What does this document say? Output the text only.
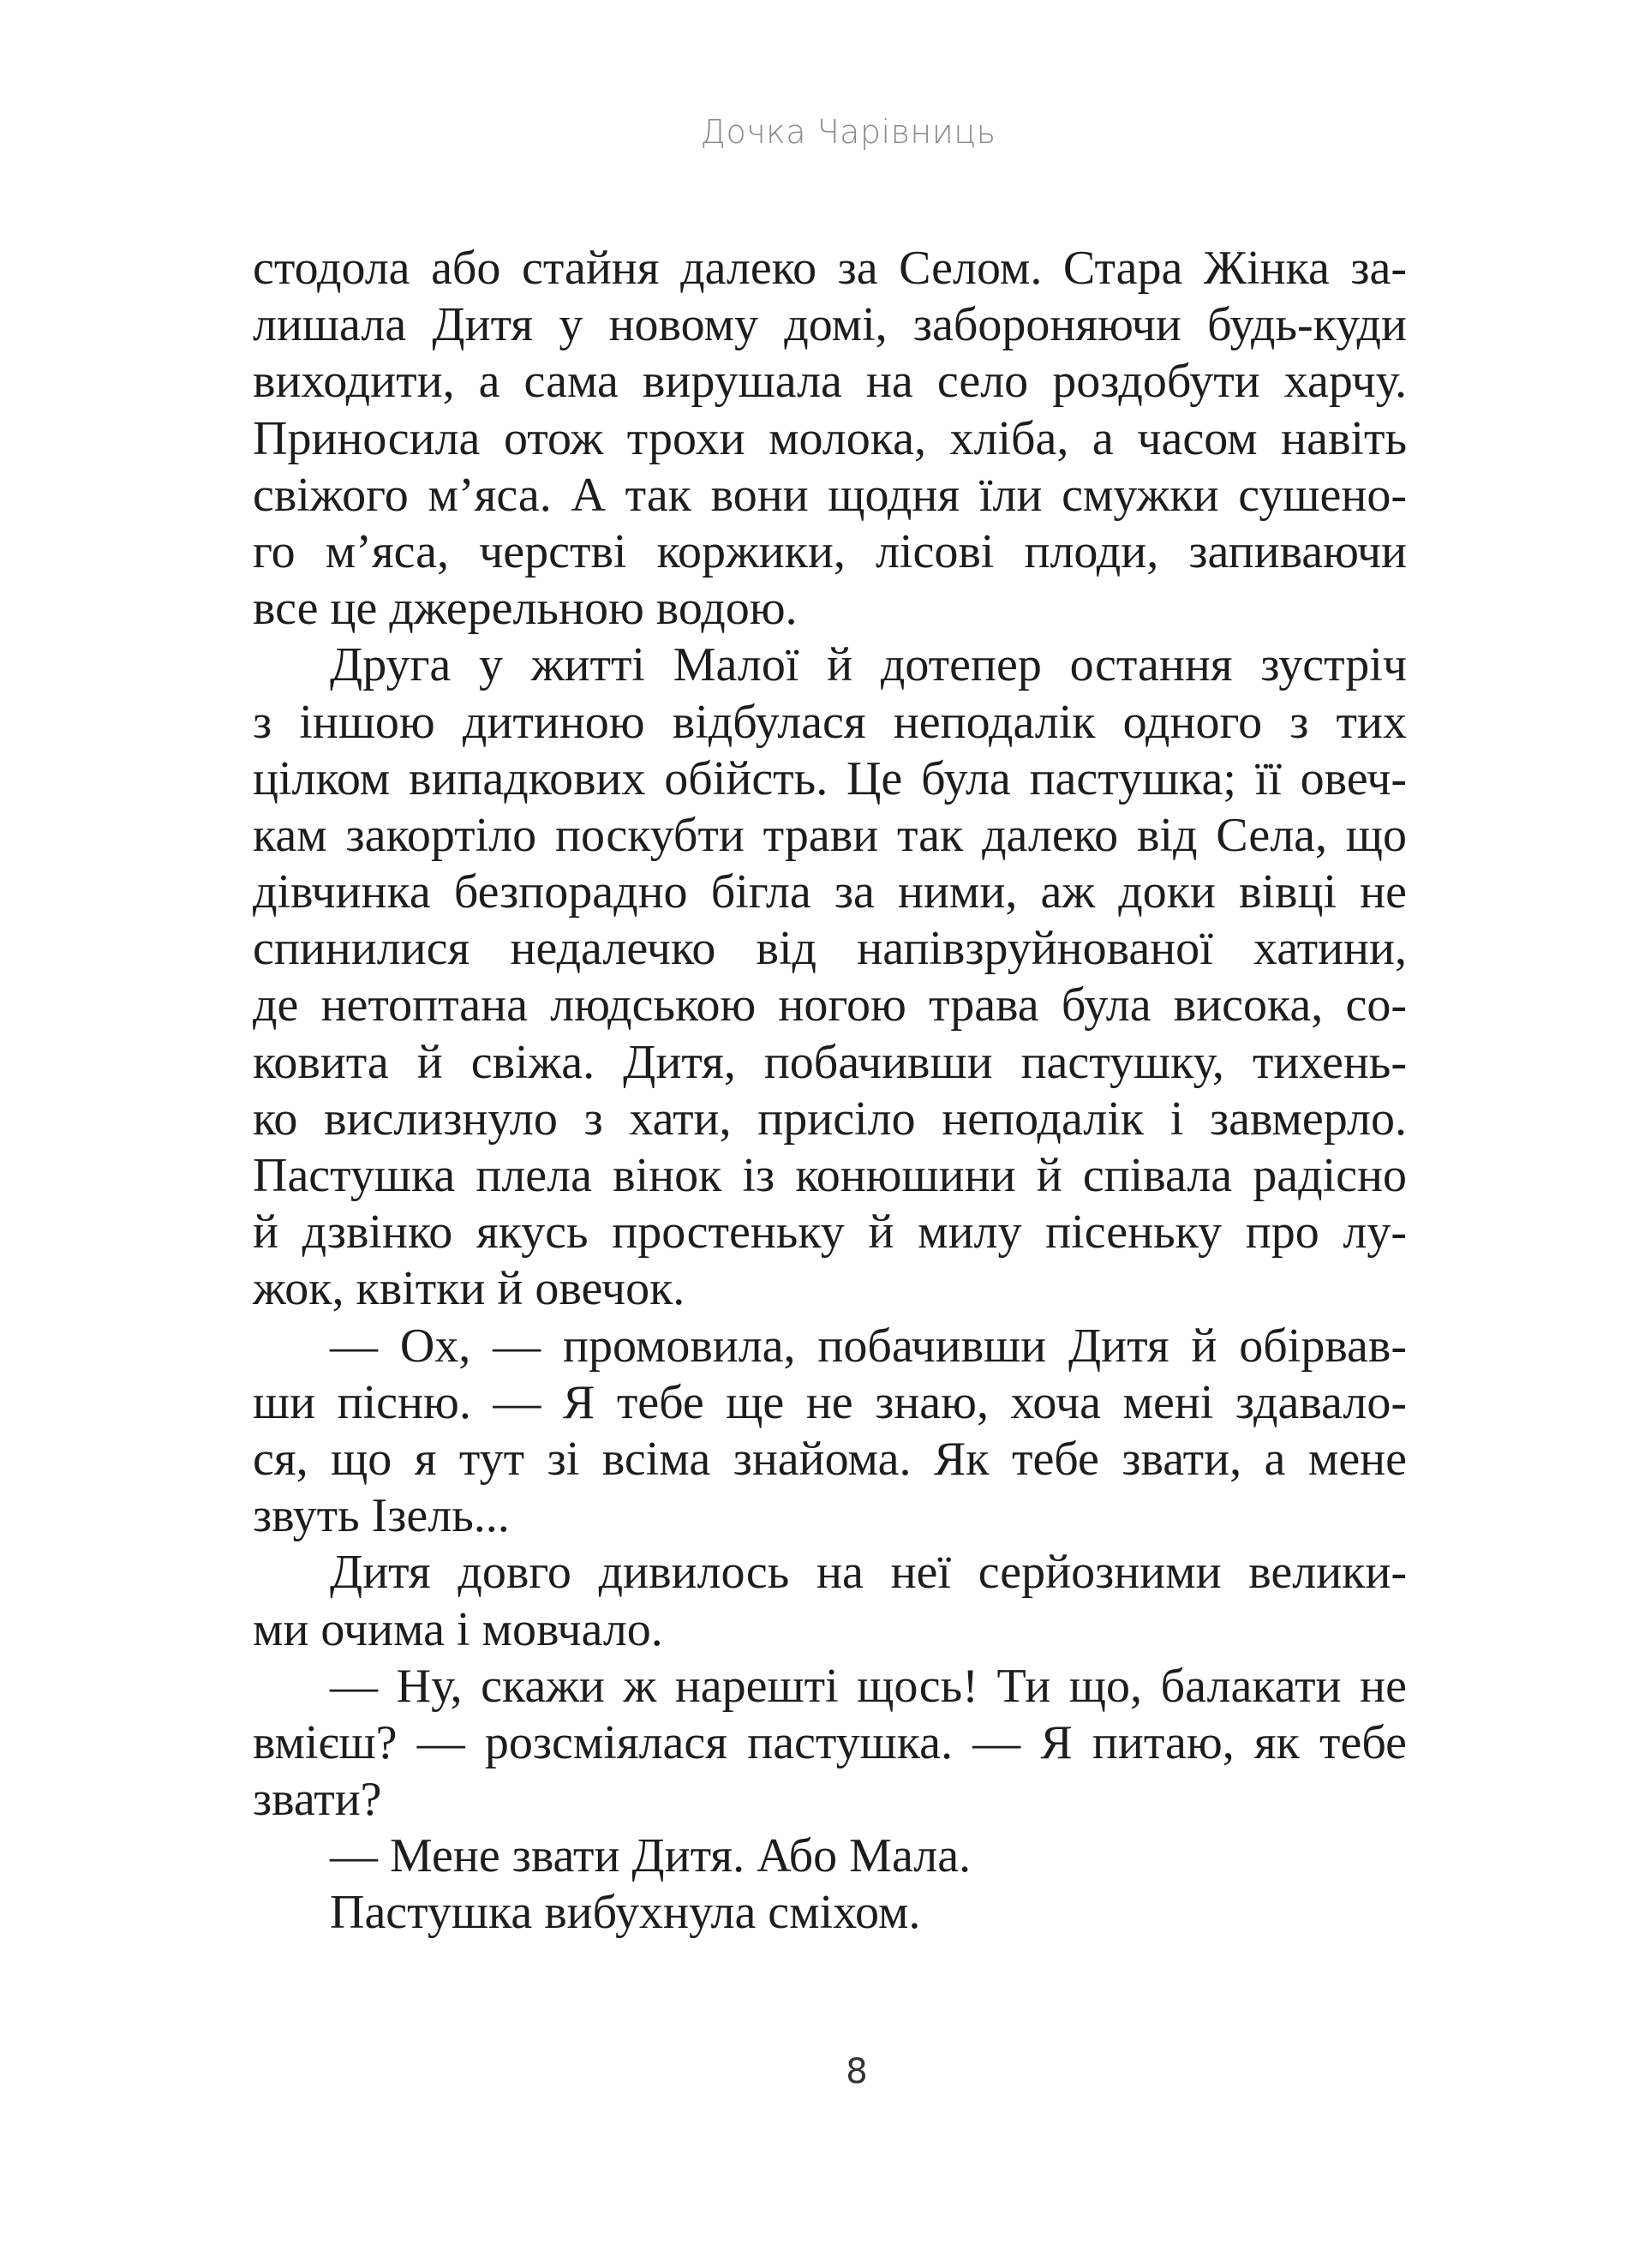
Дочка Чарівниць
стодола або стайня далеко за Селом. Стара Жінка за-
лишала Дитя у новому домі, забороняючи будь-куди
виходити, а сама вирушала на село роздобути харчу.
Приносила отож трохи молока, хліба, а часом навіть
свіжого м’яса. А так вони щодня їли смужки сушено-
го м’яса, черстві коржики, лісові плоди, запиваючи
все це джерельною водою.
Друга у житті Малої й дотепер остання зустріч
з іншою дитиною відбулася неподалік одного з тих
цілком випадкових обійсть. Це була пастушка; її овеч-
кам закортіло поскубти трави так далеко від Села, що
дівчинка безпорадно бігла за ними, аж доки вівці не
спинилися недалечко від напівзруйнованої хатини,
де нетоптана людською ногою трава була висока, со-
ковита й свіжа. Дитя, побачивши пастушку, тихень-
ко вислизнуло з хати, присіло неподалік і завмерло.
Пастушка плела вінок із конюшини й співала радісно
й дзвінко якусь простеньку й милу пісеньку про лу-
жок, квітки й овечок.
— Ох, — промовила, побачивши Дитя й обірвав-
ши пісню. — Я тебе ще не знаю, хоча мені здавало-
ся, що я тут зі всіма знайома. Як тебе звати, а мене
звуть Ізель...
Дитя довго дивилось на неї серйозними велики-
ми очима і мовчало.
— Ну, скажи ж нарешті щось! Ти що, балакати не
вмієш? — розсміялася пастушка. — Я питаю, як тебе
звати?
— Мене звати Дитя. Або Мала.
Пастушка вибухнула сміхом.
8
